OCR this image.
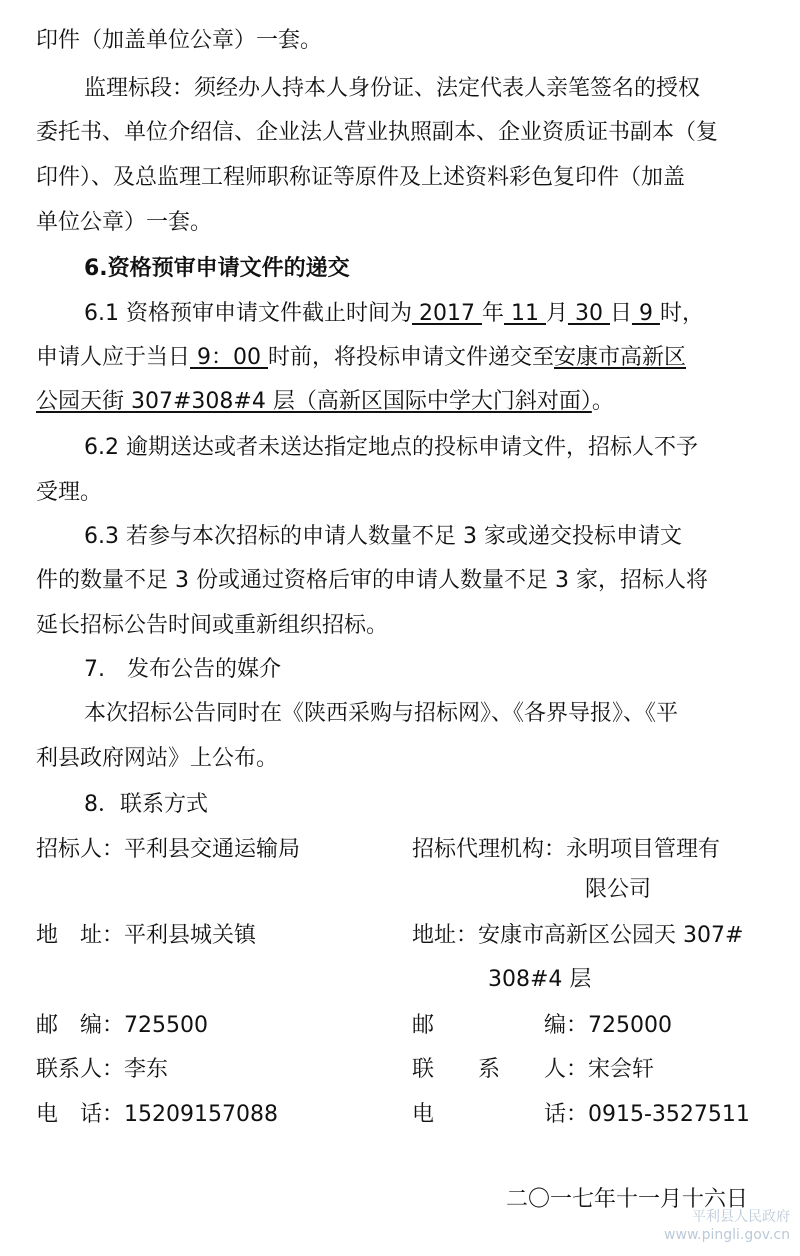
印件（加盖单位公章）一套。
监理标段：须经办人持本人身份证、法定代表人亲笔签名的授权
委托书、单位介绍信、企业法人营业执照副本、企业资质证书副本（复
印件）、及总监理工程师职称证等原件及上述资料彩色复印件（加盖
单位公章）一套。
6.资格预审申请文件的递交
6.1 资格预审申请文件截止时间为 2017 年 11 月 30 日 9 时，
申请人应于当日 9：00 时前，将投标申请文件递交至安康市高新区
公园天街 307#308#4 层（高新区国际中学大门斜对面）。
6.2 逾期送达或者未送达指定地点的投标申请文件，招标人不予
受理。
6.3 若参与本次招标的申请人数量不足 3 家或递交投标申请文
件的数量不足 3 份或通过资格后审的申请人数量不足 3 家，招标人将
延长招标公告时间或重新组织招标。
7.　发布公告的媒介
本次招标公告同时在《陕西采购与招标网》、《各界导报》、《平
利县政府网站》上公布。
8．联系方式
招标人：平利县交通运输局	招标代理机构：永明项目管理有
限公司
地　址：平利县城关镇	地址：安康市高新区公园天 307#
308#4 层
邮　编：725500	邮　　　　　编：725000
联系人：李东	联　　系　　人：宋会轩
电　话：15209157088	电　　　　　话：0915-3527511
二〇一七年十一月十六日
平利县人民政府
www.pingli.gov.cn
